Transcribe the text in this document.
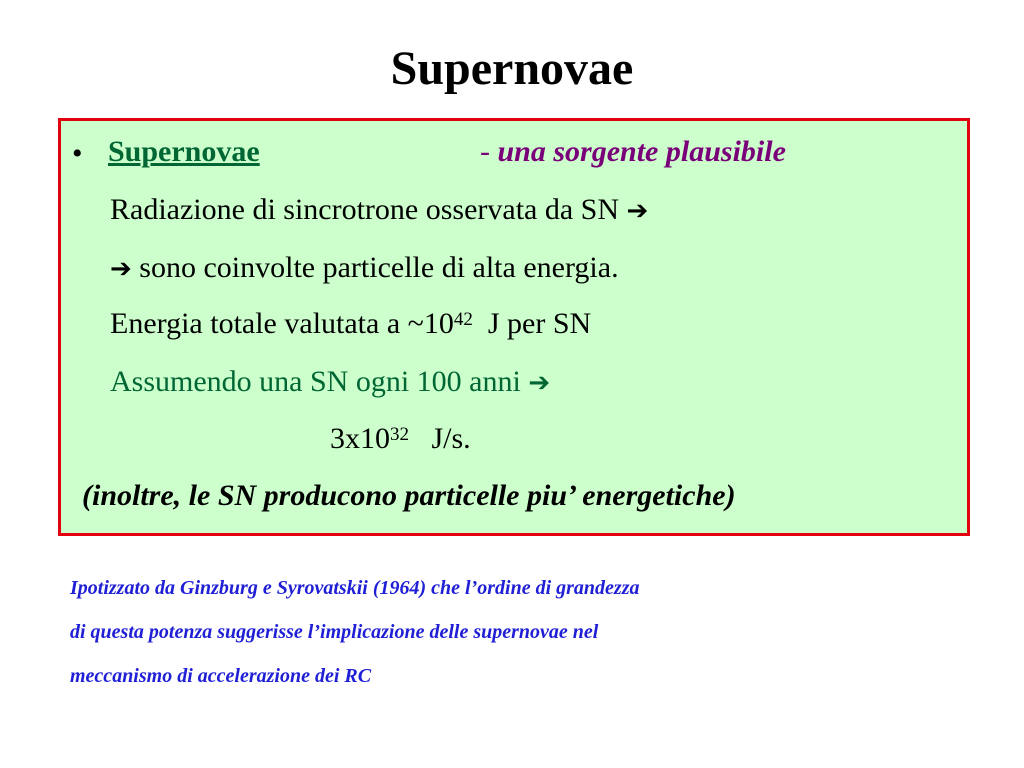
Supernovae
• Supernovae	- una sorgente plausibile
Radiazione di sincrotrone osservata da SN ➔
➔ sono coinvolte particelle di alta energia.
Energia totale valutata a $\sim 10^{42}$ J per SN
Assumendo una SN ogni 100 anni ➔
$3x10^{32}$ J/s.
(inoltre, le SN producono particelle piu’ energetiche)
Ipotizzato da Ginzburg e Syrovatskii (1964) che l’ordine di grandezza
di questa potenza suggerisse l’implicazione delle supernovae nel
meccanismo di accelerazione dei RC
